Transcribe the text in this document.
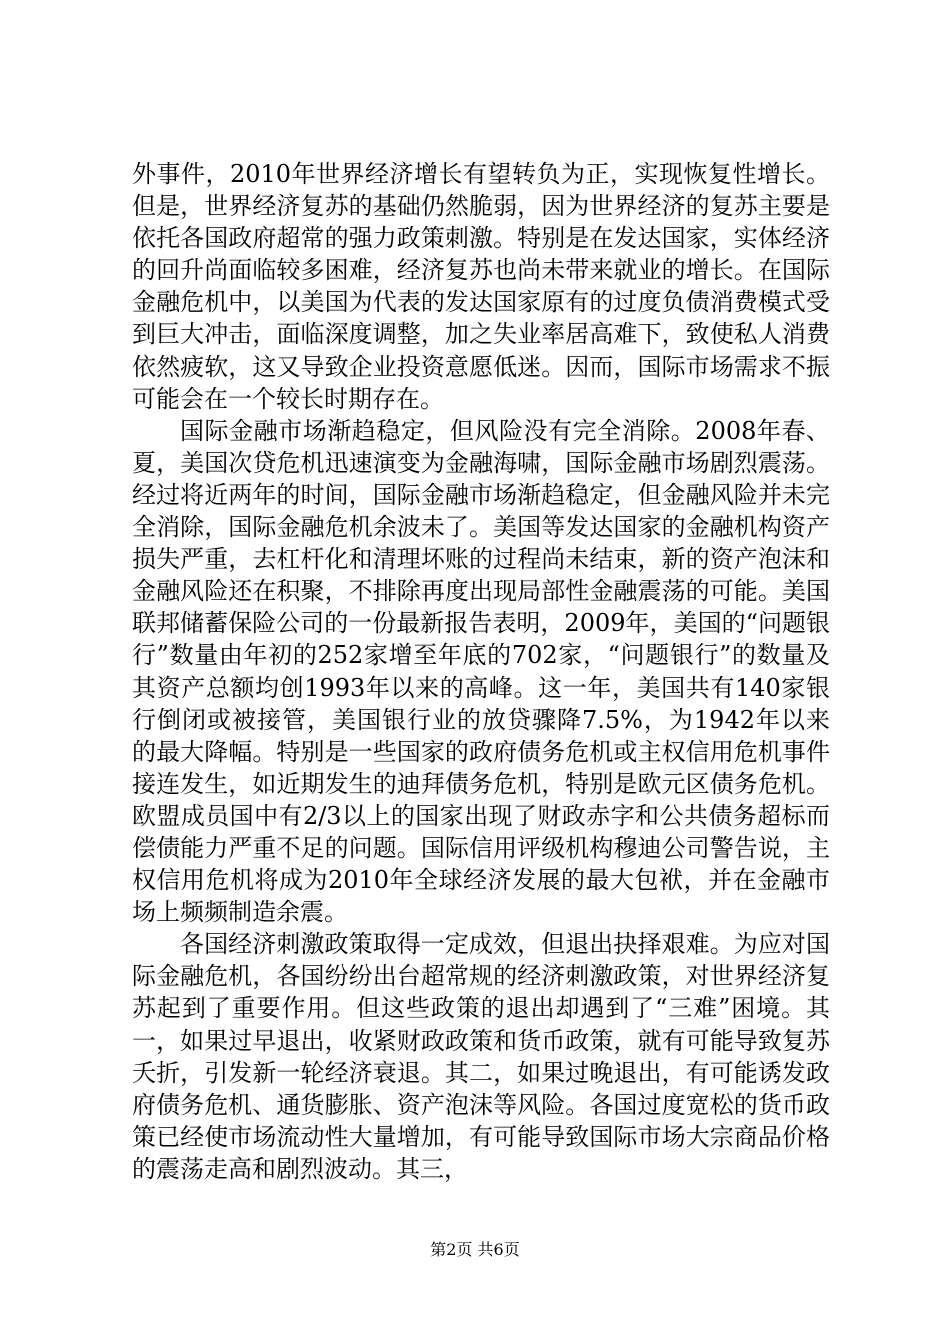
外事件，2010年世界经济增长有望转负为正，实现恢复性增长。但是，世界经济复苏的基础仍然脆弱，因为世界经济的复苏主要是依托各国政府超常的强力政策刺激。特别是在发达国家，实体经济的回升尚面临较多困难，经济复苏也尚未带来就业的增长。在国际金融危机中，以美国为代表的发达国家原有的过度负债消费模式受到巨大冲击，面临深度调整，加之失业率居高难下，致使私人消费依然疲软，这又导致企业投资意愿低迷。因而，国际市场需求不振可能会在一个较长时期存在。

国际金融市场渐趋稳定，但风险没有完全消除。2008年春、夏，美国次贷危机迅速演变为金融海啸，国际金融市场剧烈震荡。经过将近两年的时间，国际金融市场渐趋稳定，但金融风险并未完全消除，国际金融危机余波未了。美国等发达国家的金融机构资产损失严重，去杠杆化和清理坏账的过程尚未结束，新的资产泡沫和金融风险还在积聚，不排除再度出现局部性金融震荡的可能。美国联邦储蓄保险公司的一份最新报告表明，2009年，美国的“问题银行”数量由年初的252家增至年底的702家，“问题银行”的数量及其资产总额均创1993年以来的高峰。这一年，美国共有140家银行倒闭或被接管，美国银行业的放贷骤降7.5%，为1942年以来的最大降幅。特别是一些国家的政府债务危机或主权信用危机事件接连发生，如近期发生的迪拜债务危机，特别是欧元区债务危机。欧盟成员国中有2/3以上的国家出现了财政赤字和公共债务超标而偿债能力严重不足的问题。国际信用评级机构穆迪公司警告说，主权信用危机将成为2010年全球经济发展的最大包袱，并在金融市场上频频制造余震。

各国经济刺激政策取得一定成效，但退出抉择艰难。为应对国际金融危机，各国纷纷出台超常规的经济刺激政策，对世界经济复苏起到了重要作用。但这些政策的退出却遇到了“三难”困境。其一，如果过早退出，收紧财政政策和货币政策，就有可能导致复苏夭折，引发新一轮经济衰退。其二，如果过晚退出，有可能诱发政府债务危机、通货膨胀、资产泡沫等风险。各国过度宽松的货币政策已经使市场流动性大量增加，有可能导致国际市场大宗商品价格的震荡走高和剧烈波动。其三，

第2页 共6页
